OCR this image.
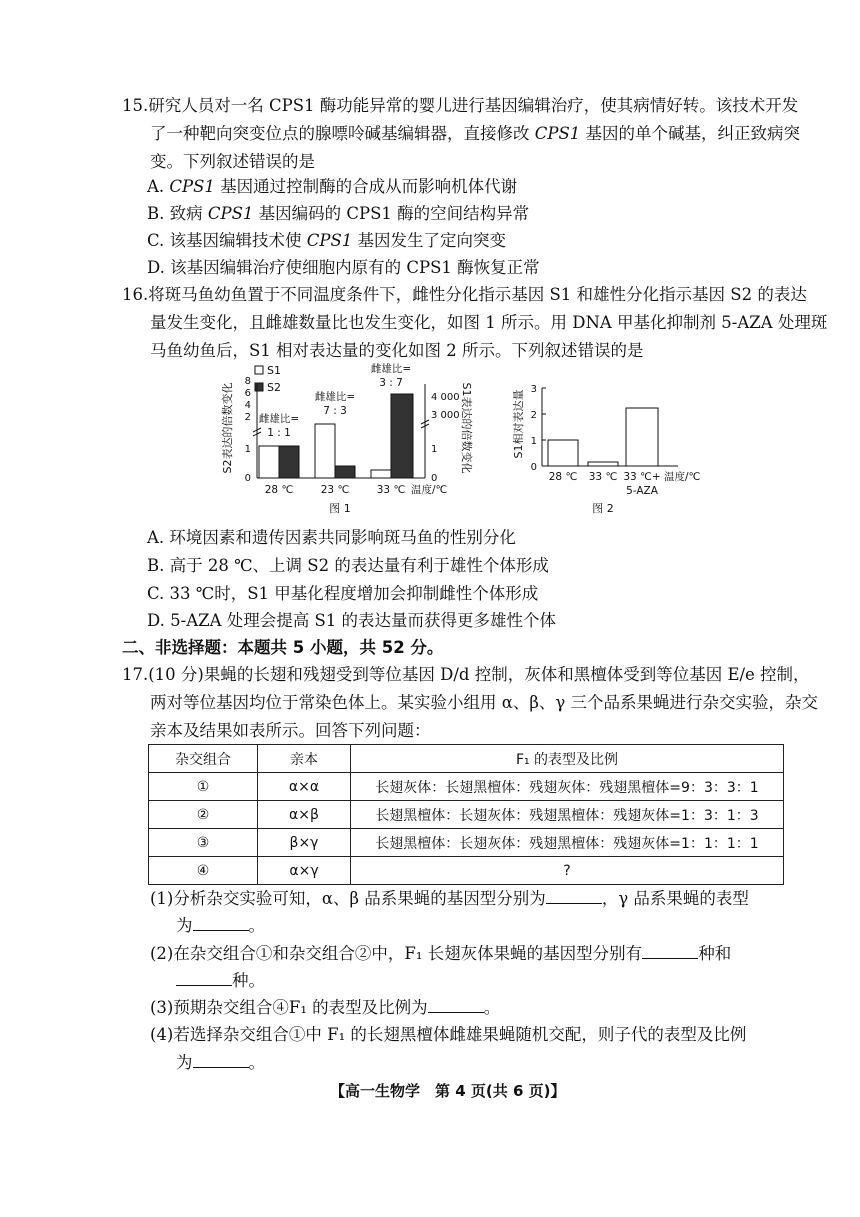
15.研究人员对一名 CPS1 酶功能异常的婴儿进行基因编辑治疗，使其病情好转。该技术开发
了一种靶向突变位点的腺嘌呤碱基编辑器，直接修改 CPS1 基因的单个碱基，纠正致病突
变。下列叙述错误的是
A. CPS1 基因通过控制酶的合成从而影响机体代谢
B. 致病 CPS1 基因编码的 CPS1 酶的空间结构异常
C. 该基因编辑技术使 CPS1 基因发生了定向突变
D. 该基因编辑治疗使细胞内原有的 CPS1 酶恢复正常
16.将斑马鱼幼鱼置于不同温度条件下，雌性分化指示基因 S1 和雄性分化指示基因 S2 的表达
量发生变化，且雌雄数量比也发生变化，如图 1 所示。用 DNA 甲基化抑制剂 5-AZA 处理斑
马鱼幼鱼后，S1 相对表达量的变化如图 2 所示。下列叙述错误的是
S1
S2
S2表达的倍数变化	S1表达的倍数变化
0
1
2
4
6
8
0
1
3 000
4 000
雌雄比=
1 : 1
雌雄比=
7 : 3
雌雄比=
3 : 7
28 ℃	23 ℃	33 ℃ 温度/℃
图 1
S1相对表达量
0
1
2
3
28 ℃ 33 ℃ 33 ℃+
5-AZA
温度/℃
图 2
A. 环境因素和遗传因素共同影响斑马鱼的性别分化
B. 高于 28 ℃、上调 S2 的表达量有利于雄性个体形成
C. 33 ℃时，S1 甲基化程度增加会抑制雌性个体形成
D. 5-AZA 处理会提高 S1 的表达量而获得更多雄性个体
二、非选择题：本题共 5 小题，共 52 分。
17.(10 分)果蝇的长翅和残翅受到等位基因 D/d 控制，灰体和黑檀体受到等位基因 E/e 控制，
两对等位基因均位于常染色体上。某实验小组用 α、β、γ 三个品系果蝇进行杂交实验，杂交
亲本及结果如表所示。回答下列问题：
杂交组合	亲本	F₁ 的表型及比例
①	α×α	长翅灰体：长翅黑檀体：残翅灰体：残翅黑檀体=9：3：3：1
②	α×β	长翅黑檀体：长翅灰体：残翅黑檀体：残翅灰体=1：3：1：3
③	β×γ	长翅黑檀体：长翅灰体：残翅黑檀体：残翅灰体=1：1：1：1
④	α×γ	?
(1)分析杂交实验可知，α、β 品系果蝇的基因型分别为	，γ 品系果蝇的表型
为	。
(2)在杂交组合①和杂交组合②中，F₁ 长翅灰体果蝇的基因型分别有	种和
种。
(3)预期杂交组合④F₁ 的表型及比例为	。
(4)若选择杂交组合①中 F₁ 的长翅黑檀体雌雄果蝇随机交配，则子代的表型及比例
为	。
【高一生物学　第 4 页(共 6 页)】
